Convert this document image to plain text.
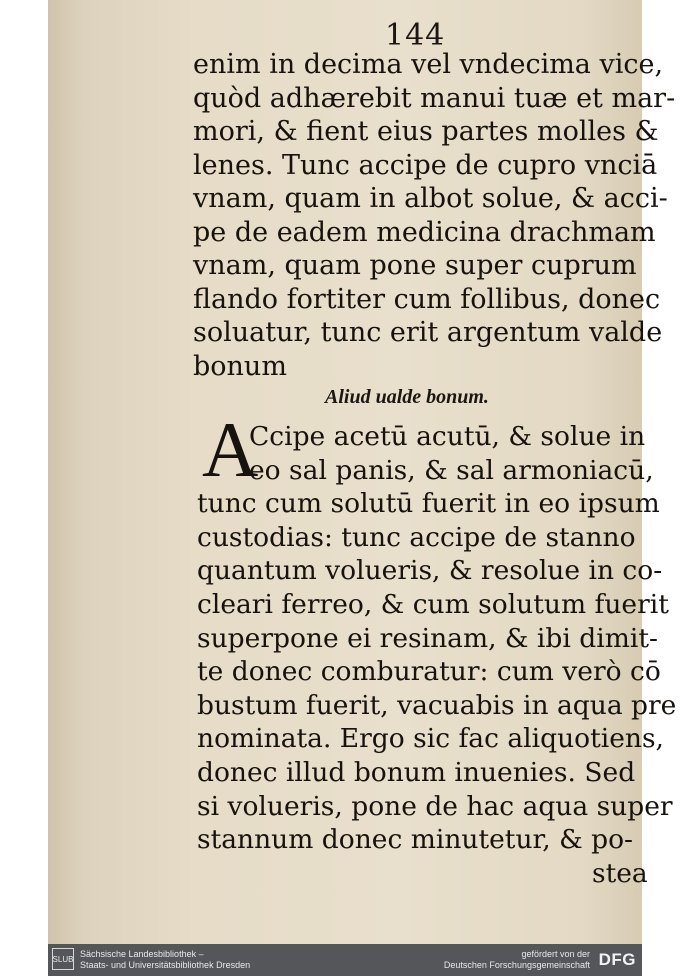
144
enim in decima vel vndecima vice,
quòd adhærebit manui tuæ et mar-
mori, & fient eius partes molles &
lenes. Tunc accipe de cupro vnciā
vnam, quam in albot solue, & acci-
pe de eadem medicina drachmam
vnam, quam pone super cuprum
flando fortiter cum follibus, donec
soluatur, tunc erit argentum valde
bonum
Aliud ualde bonum.
A
Ccipe acetū acutū, & solue in
eo sal panis, & sal armoniacū,
tunc cum solutū fuerit in eo ipsum
custodias: tunc accipe de stanno
quantum volueris, & resolue in co-
cleari ferreo, & cum solutum fuerit
superpone ei resinam, & ibi dimit-
te donec comburatur: cum verò cō
bustum fuerit, vacuabis in aqua pre
nominata. Ergo sic fac aliquotiens,
donec illud bonum inuenies. Sed
si volueris, pone de hac aqua super
stannum donec minutetur, & po-
stea
SLUB Sächsische Landesbibliothek –
Staats- und Universitätsbibliothek Dresden
gefördert von der
Deutschen Forschungsgemeinschaft DFG
